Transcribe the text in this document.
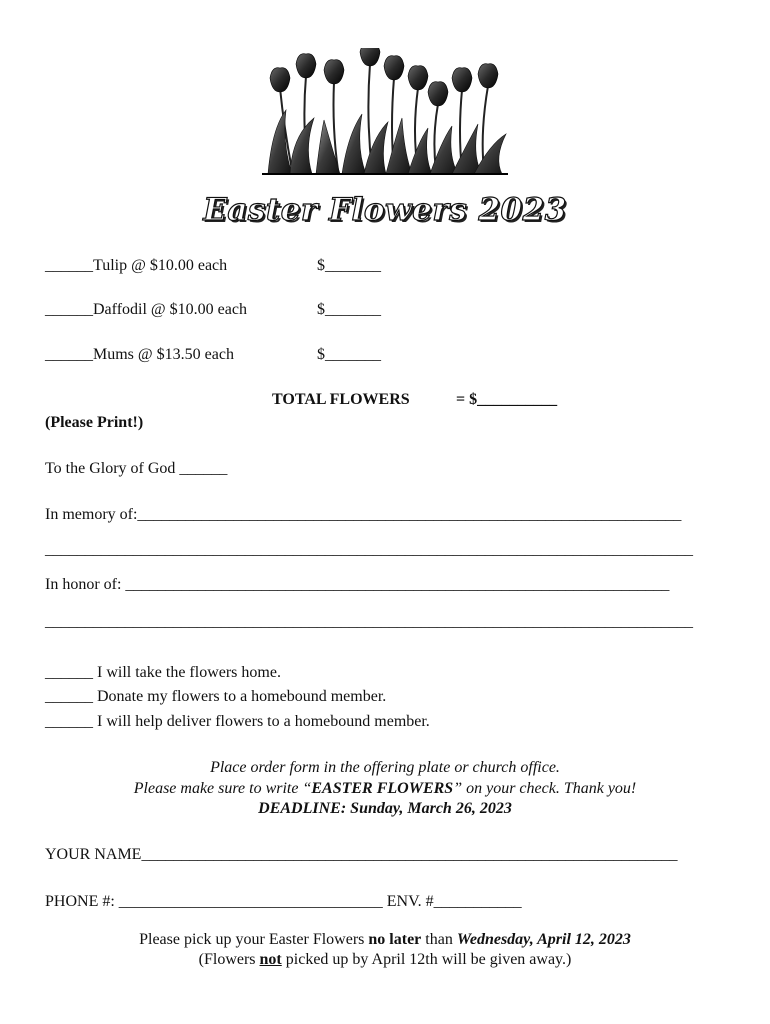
Easter Flowers 2023
______Tulip @ $10.00 each	$_______
______Daffodil @ $10.00 each	$_______
______Mums @ $13.50 each	$_______
TOTAL FLOWERS	= $__________
(Please Print!)
To the Glory of God ______
In memory of:____________________________________________________________________
_________________________________________________________________________________
In honor of: ____________________________________________________________________
_________________________________________________________________________________
______ I will take the flowers home.
______ Donate my flowers to a homebound member.
______ I will help deliver flowers to a homebound member.
Place order form in the offering plate or church office.
Please make sure to write “EASTER FLOWERS” on your check. Thank you!
DEADLINE: Sunday, March 26, 2023
YOUR NAME___________________________________________________________________
PHONE #: _________________________________ ENV. #___________
Please pick up your Easter Flowers no later than Wednesday, April 12, 2023
(Flowers not picked up by April 12th will be given away.)
